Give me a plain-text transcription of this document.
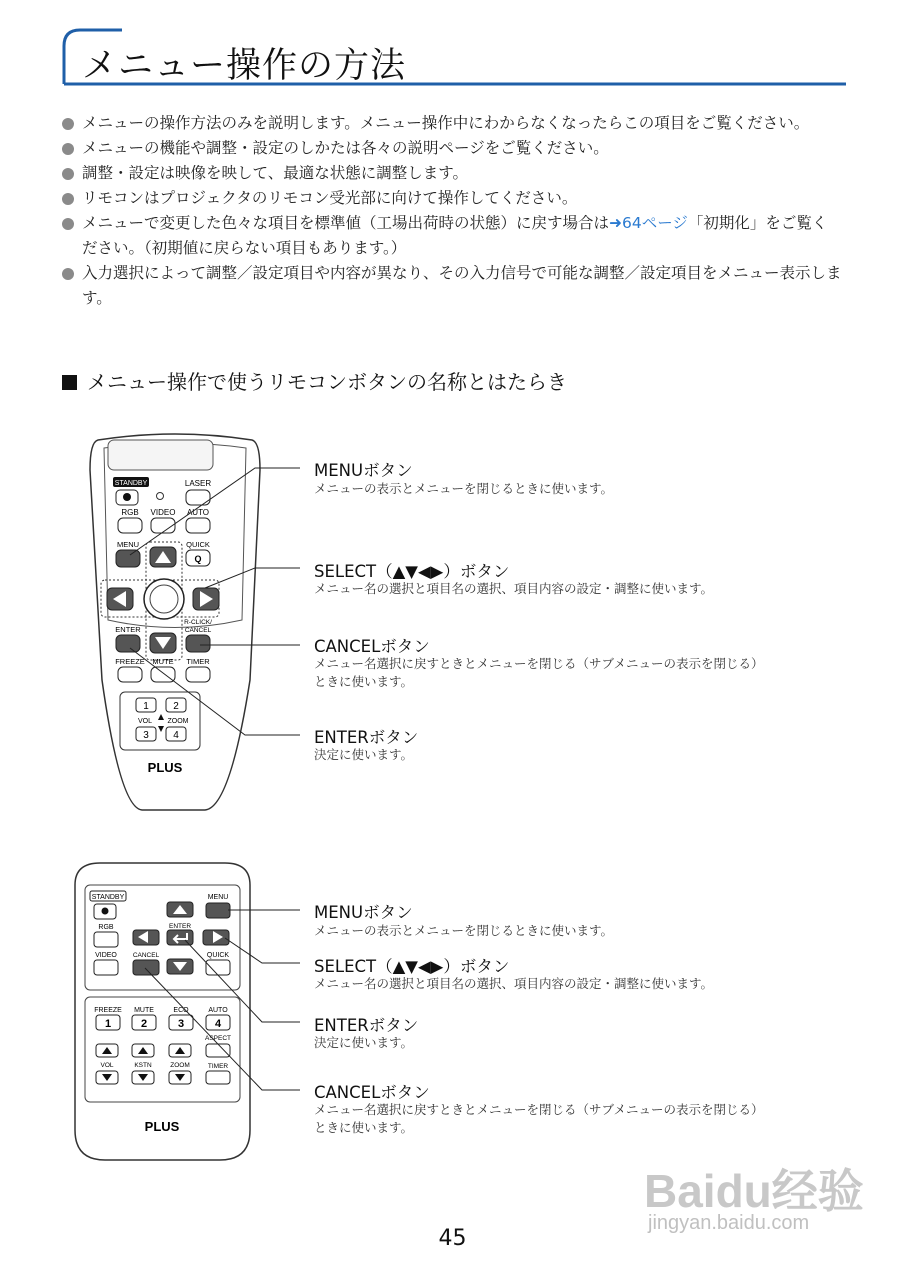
メニュー操作の方法
メニューの操作方法のみを説明します。メニュー操作中にわからなくなったらこの項目をご覧ください。
メニューの機能や調整・設定のしかたは各々の説明ページをご覧ください。
調整・設定は映像を映して、最適な状態に調整します。
リモコンはプロジェクタのリモコン受光部に向けて操作してください。
メニューで変更した色々な項目を標準値（工場出荷時の状態）に戻す場合は➜64ページ「初期化」をご覧ください。（初期値に戻らない項目もあります。）
入力選択によって調整／設定項目や内容が異なり、その入力信号で可能な調整／設定項目をメニュー表示します。
メニュー操作で使うリモコンボタンの名称とはたらき
STANDBY	LASER
RGB VIDEO AUTO
MENU	QUICK
Q
R-CLICK/
CANCEL
ENTER
FREEZE MUTE TIMER
1 2
VOL ZOOM
3 4
PLUS
MENUボタン
メニューの表示とメニューを閉じるときに使います。
SELECT（▲▼◀▶）ボタン
メニュー名の選択と項目名の選択、項目内容の設定・調整に使います。
CANCELボタン
メニュー名選択に戻すときとメニューを閉じる（サブメニューの表示を閉じる）
ときに使います。
ENTERボタン
決定に使います。
STANDBY	MENU
RGB	ENTER
VIDEO CANCEL	QUICK
FREEZE
1
MUTE
2
ECO
3
AUTO
4
ASPECT
VOL	KSTN	ZOOM	TIMER
PLUS
MENUボタン
メニューの表示とメニューを閉じるときに使います。
SELECT（▲▼◀▶）ボタン
メニュー名の選択と項目名の選択、項目内容の設定・調整に使います。
ENTERボタン
決定に使います。
CANCELボタン
メニュー名選択に戻すときとメニューを閉じる（サブメニューの表示を閉じる）
ときに使います。
Baidu经验
jingyan.baidu.com
45
